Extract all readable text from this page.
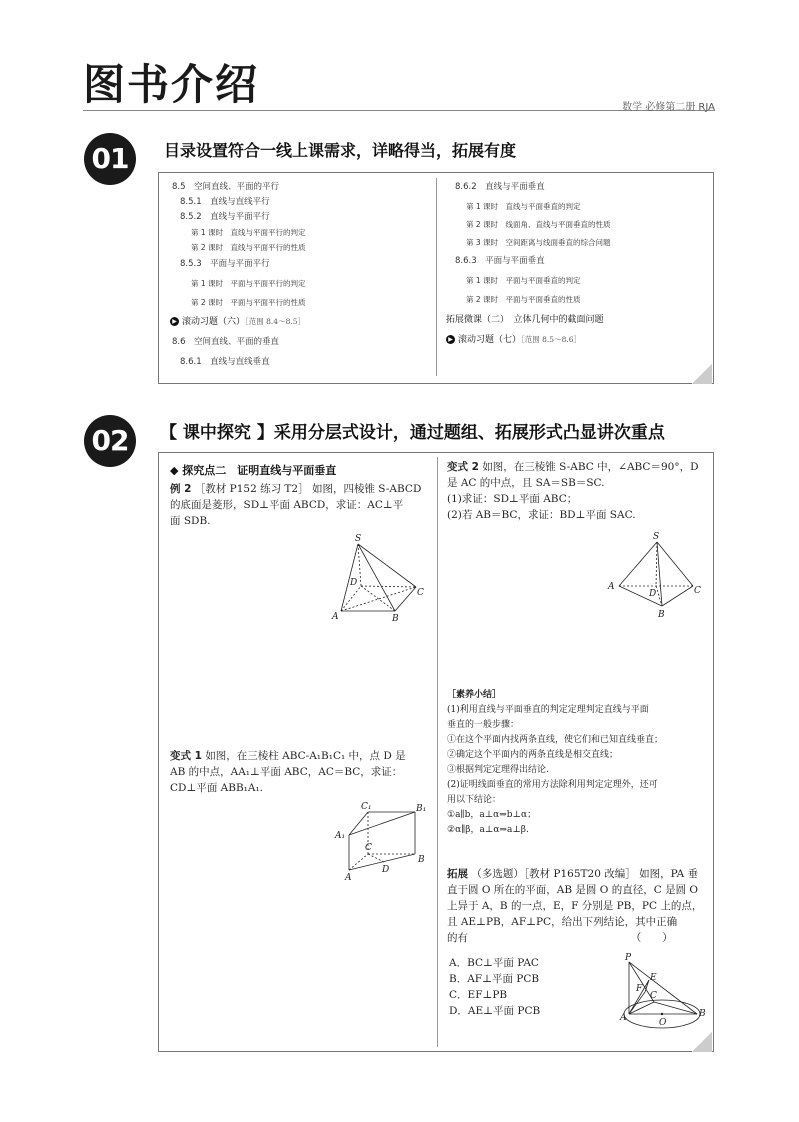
图书介绍	数学 必修第二册 RJA
01	目录设置符合一线上课需求，详略得当，拓展有度
8.5　空间直线、平面的平行
8.5.1　直线与直线平行
8.5.2　直线与平面平行
第 1 课时　直线与平面平行的判定
第 2 课时　直线与平面平行的性质
8.5.3　平面与平面平行
第 1 课时　平面与平面平行的判定
第 2 课时　平面与平面平行的性质
▶ 滚动习题（六）［范围 8.4～8.5］
8.6　空间直线、平面的垂直
8.6.1　直线与直线垂直
8.6.2　直线与平面垂直
第 1 课时　直线与平面垂直的判定
第 2 课时　线面角、直线与平面垂直的性质
第 3 课时　空间距离与线面垂直的综合问题
8.6.3　平面与平面垂直
第 1 课时　平面与平面垂直的判定
第 2 课时　平面与平面垂直的性质
拓展微课（二）　立体几何中的截面问题
▶ 滚动习题（七）［范围 8.5～8.6］
02	【 课中探究 】采用分层式设计，通过题组、拓展形式凸显讲次重点
◆ 探究点二　证明直线与平面垂直
例 2 ［教材 P152 练习 T2］ 如图，四棱锥 S-ABCD
的底面是菱形，SD⊥平面 ABCD，求证：AC⊥平
面 SDB.
S
D
C
A	B
变式 1 如图，在三棱柱 ABC-A₁B₁C₁ 中，点 D 是
AB 的中点，AA₁⊥平面 ABC，AC＝BC，求证：
CD⊥平面 ABB₁A₁.
C₁	B₁
A₁
C
A
D
B
变式 2 如图，在三棱锥 S-ABC 中，∠ABC＝90°，D
是 AC 的中点，且 SA＝SB＝SC.
(1)求证：SD⊥平面 ABC；
(2)若 AB＝BC，求证：BD⊥平面 SAC.
S
A
D	C
B
［素养小结］
(1)利用直线与平面垂直的判定定理判定直线与平面
垂直的一般步骤：
①在这个平面内找两条直线，使它们和已知直线垂直；
②确定这个平面内的两条直线是相交直线；
③根据判定定理得出结论.
(2)证明线面垂直的常用方法除利用判定定理外，还可
用以下结论：
①a∥b，a⊥α⇒b⊥α；
②α∥β，a⊥α⇒a⊥β.
拓展 （多选题）［教材 P165T20 改编］ 如图，PA 垂
直于圆 O 所在的平面，AB 是圆 O 的直径，C 是圆 O
上异于 A，B 的一点，E，F 分别是 PB，PC 上的点，
且 AE⊥PB，AF⊥PC，给出下列结论，其中正确
的有　　　　　　　　　　　　　　　　（　　）
A．BC⊥平面 PAC
B．AF⊥平面 PCB
C．EF⊥PB
D．AE⊥平面 PCB
P
E
F
C
A	O
B
